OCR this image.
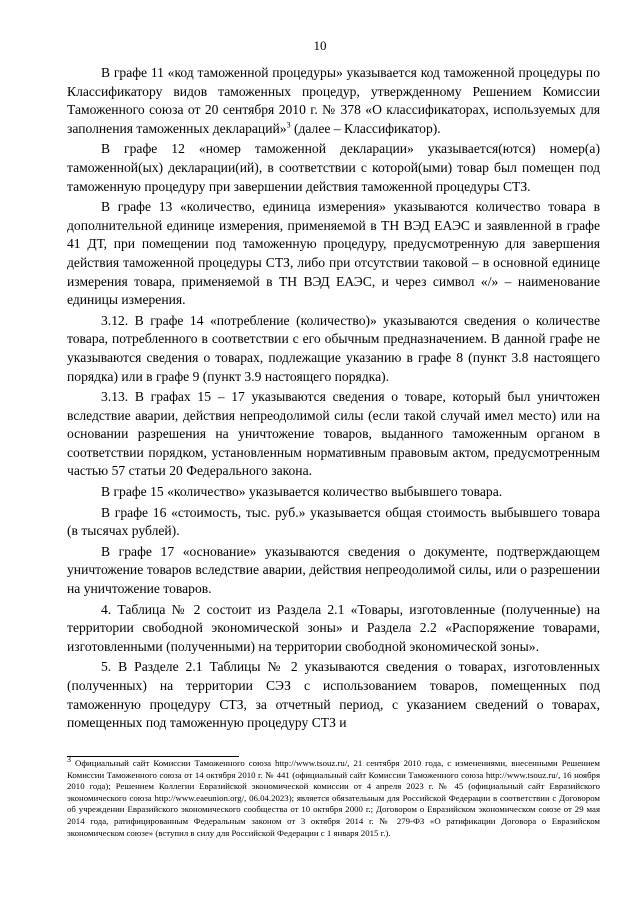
10

В графе 11 «код таможенной процедуры» указывается код таможенной процедуры по Классификатору видов таможенных процедур, утвержденному Решением Комиссии Таможенного союза от 20 сентября 2010 г. № 378 «О классификаторах, используемых для заполнения таможенных деклараций»$^3$ (далее – Классификатор).

В графе 12 «номер таможенной декларации» указывается(ются) номер(а) таможенной(ых) декларации(ий), в соответствии с которой(ыми) товар был помещен под таможенную процедуру при завершении действия таможенной процедуры СТЗ.

В графе 13 «количество, единица измерения» указываются количество товара в дополнительной единице измерения, применяемой в ТН ВЭД ЕАЭС и заявленной в графе 41 ДТ, при помещении под таможенную процедуру, предусмотренную для завершения действия таможенной процедуры СТЗ, либо при отсутствии таковой – в основной единице измерения товара, применяемой в ТН ВЭД ЕАЭС, и через символ «/» – наименование единицы измерения.

3.12. В графе 14 «потребление (количество)» указываются сведения о количестве товара, потребленного в соответствии с его обычным предназначением. В данной графе не указываются сведения о товарах, подлежащие указанию в графе 8 (пункт 3.8 настоящего порядка) или в графе 9 (пункт 3.9 настоящего порядка).

3.13. В графах 15 – 17 указываются сведения о товаре, который был уничтожен вследствие аварии, действия непреодолимой силы (если такой случай имел место) или на основании разрешения на уничтожение товаров, выданного таможенным органом в соответствии порядком, установленным нормативным правовым актом, предусмотренным частью 57 статьи 20 Федерального закона.

В графе 15 «количество» указывается количество выбывшего товара.

В графе 16 «стоимость, тыс. руб.» указывается общая стоимость выбывшего товара (в тысячах рублей).

В графе 17 «основание» указываются сведения о документе, подтверждающем уничтожение товаров вследствие аварии, действия непреодолимой силы, или о разрешении на уничтожение товаров.

4. Таблица № 2 состоит из Раздела 2.1 «Товары, изготовленные (полученные) на территории свободной экономической зоны» и Раздела 2.2 «Распоряжение товарами, изготовленными (полученными) на территории свободной экономической зоны».

5. В Разделе 2.1 Таблицы № 2 указываются сведения о товарах, изготовленных (полученных) на территории СЭЗ с использованием товаров, помещенных под таможенную процедуру СТЗ, за отчетный период, с указанием сведений о товарах, помещенных под таможенную процедуру СТЗ и

$^3$ Официальный сайт Комиссии Таможенного союза http://www.tsouz.ru/, 21 сентября 2010 года, с изменениями, внесенными Решением Комиссии Таможенного союза от 14 октября 2010 г. № 441 (официальный сайт Комиссии Таможенного союза http://www.tsouz.ru/, 16 ноября 2010 года); Решением Коллегии Евразийской экономической комиссии от 4 апреля 2023 г. № 45 (официальный сайт Евразийского экономического союза http://www.eaeunion.org/, 06.04.2023); является обязательным для Российской Федерации в соответствии с Договором об учреждении Евразийского экономического сообщества от 10 октября 2000 г.; Договором о Евразийском экономическом союзе от 29 мая 2014 года, ратифицированным Федеральным законом от 3 октября 2014 г. № 279-ФЗ «О ратификации Договора о Евразийском экономическом союзе» (вступил в силу для Российской Федерации с 1 января 2015 г.).
